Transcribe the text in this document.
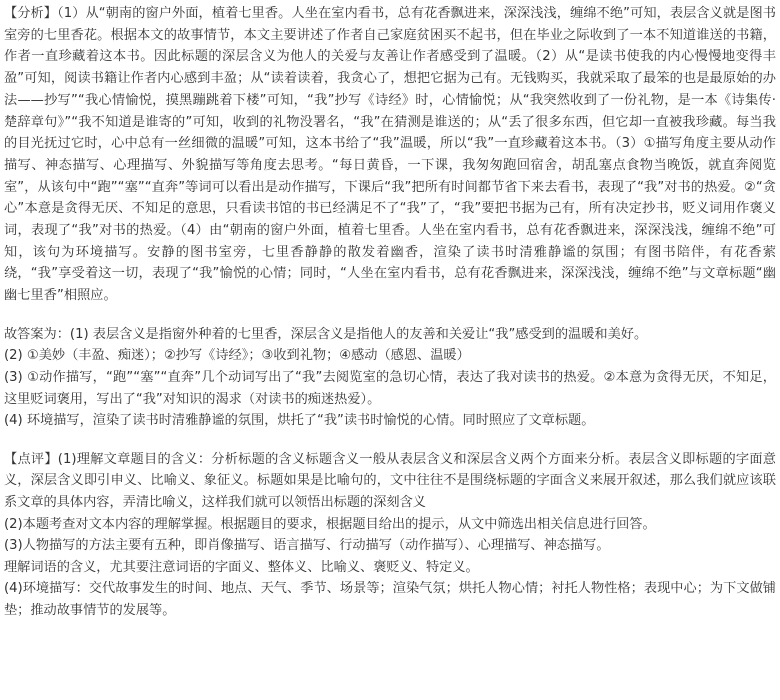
【分析】（1）从“朝南的窗户外面，植着七里香。人坐在室内看书，总有花香飘进来，深深浅浅，缠绵不绝”可知，表层含义就是图书室旁的七里香花。根据本文的故事情节，本文主要讲述了作者自己家庭贫困买不起书，但在毕业之际收到了一本不知道谁送的书籍，作者一直珍藏着这本书。因此标题的深层含义为他人的关爱与友善让作者感受到了温暖。（2）从“是读书使我的内心慢慢地变得丰盈”可知，阅读书籍让作者内心感到丰盈；从“读着读着，我贪心了，想把它据为己有。无钱购买，我就采取了最笨的也是最原始的办法——抄写”“我心情愉悦，摸黑蹦跳着下楼”可知，“我”抄写《诗经》时，心情愉悦；从“我突然收到了一份礼物，是一本《诗集传·楚辞章句》”“我不知道是谁寄的”可知，收到的礼物没署名，“我”在猜测是谁送的；从“丢了很多东西，但它却一直被我珍藏。每当我的目光抚过它时，心中总有一丝细微的温暖”可知，这本书给了“我”温暖，所以“我”一直珍藏着这本书。（3）①描写角度主要从动作描写、神态描写、心理描写、外貌描写等角度去思考。“每日黄昏，一下课，我匆匆跑回宿舍，胡乱塞点食物当晚饭，就直奔阅览室”，从该句中“跑”“塞”“直奔”等词可以看出是动作描写，下课后“我”把所有时间都节省下来去看书，表现了“我”对书的热爱。②“贪心”本意是贪得无厌、不知足的意思，只看读书馆的书已经满足不了“我”了，“我”要把书据为己有，所有决定抄书，贬义词用作褒义词，表现了“我”对书的热爱。（4）由“朝南的窗户外面，植着七里香。人坐在室内看书，总有花香飘进来，深深浅浅，缠绵不绝”可知，该句为环境描写。安静的图书室旁，七里香静静的散发着幽香，渲染了读书时清雅静谧的氛围；有图书陪伴，有花香萦绕，“我”享受着这一切，表现了“我”愉悦的心情；同时，“人坐在室内看书，总有花香飘进来，深深浅浅，缠绵不绝”与文章标题“幽幽七里香”相照应。

故答案为：(1) 表层含义是指窗外种着的七里香，深层含义是指他人的友善和关爱让“我”感受到的温暖和美好。

(2) ①美妙（丰盈、痴迷）；②抄写《诗经》；③收到礼物；④感动（感恩、温暖）

(3) ①动作描写，“跑”“塞”“直奔”几个动词写出了“我”去阅览室的急切心情，表达了我对读书的热爱。②本意为贪得无厌，不知足，这里贬词褒用，写出了“我”对知识的渴求（对读书的痴迷热爱）。

(4) 环境描写，渲染了读书时清雅静谧的氛围，烘托了“我”读书时愉悦的心情。同时照应了文章标题。

【点评】(1)理解文章题目的含义：分析标题的含义标题含义一般从表层含义和深层含义两个方面来分析。表层含义即标题的字面意义，深层含义即引申义、比喻义、象征义。标题如果是比喻句的，文中往往不是围绕标题的字面含义来展开叙述，那么我们就应该联系文章的具体内容，弄清比喻义，这样我们就可以领悟出标题的深刻含义

(2)本题考查对文本内容的理解掌握。根据题目的要求，根据题目给出的提示，从文中筛选出相关信息进行回答。

(3)人物描写的方法主要有五种，即肖像描写、语言描写、行动描写（动作描写）、心理描写、神态描写。

理解词语的含义，尤其要注意词语的字面义、整体义、比喻义、褒贬义、特定义。

(4)环境描写：交代故事发生的时间、地点、天气、季节、场景等；渲染气氛；烘托人物心情；衬托人物性格；表现中心；为下文做铺垫；推动故事情节的发展等。
